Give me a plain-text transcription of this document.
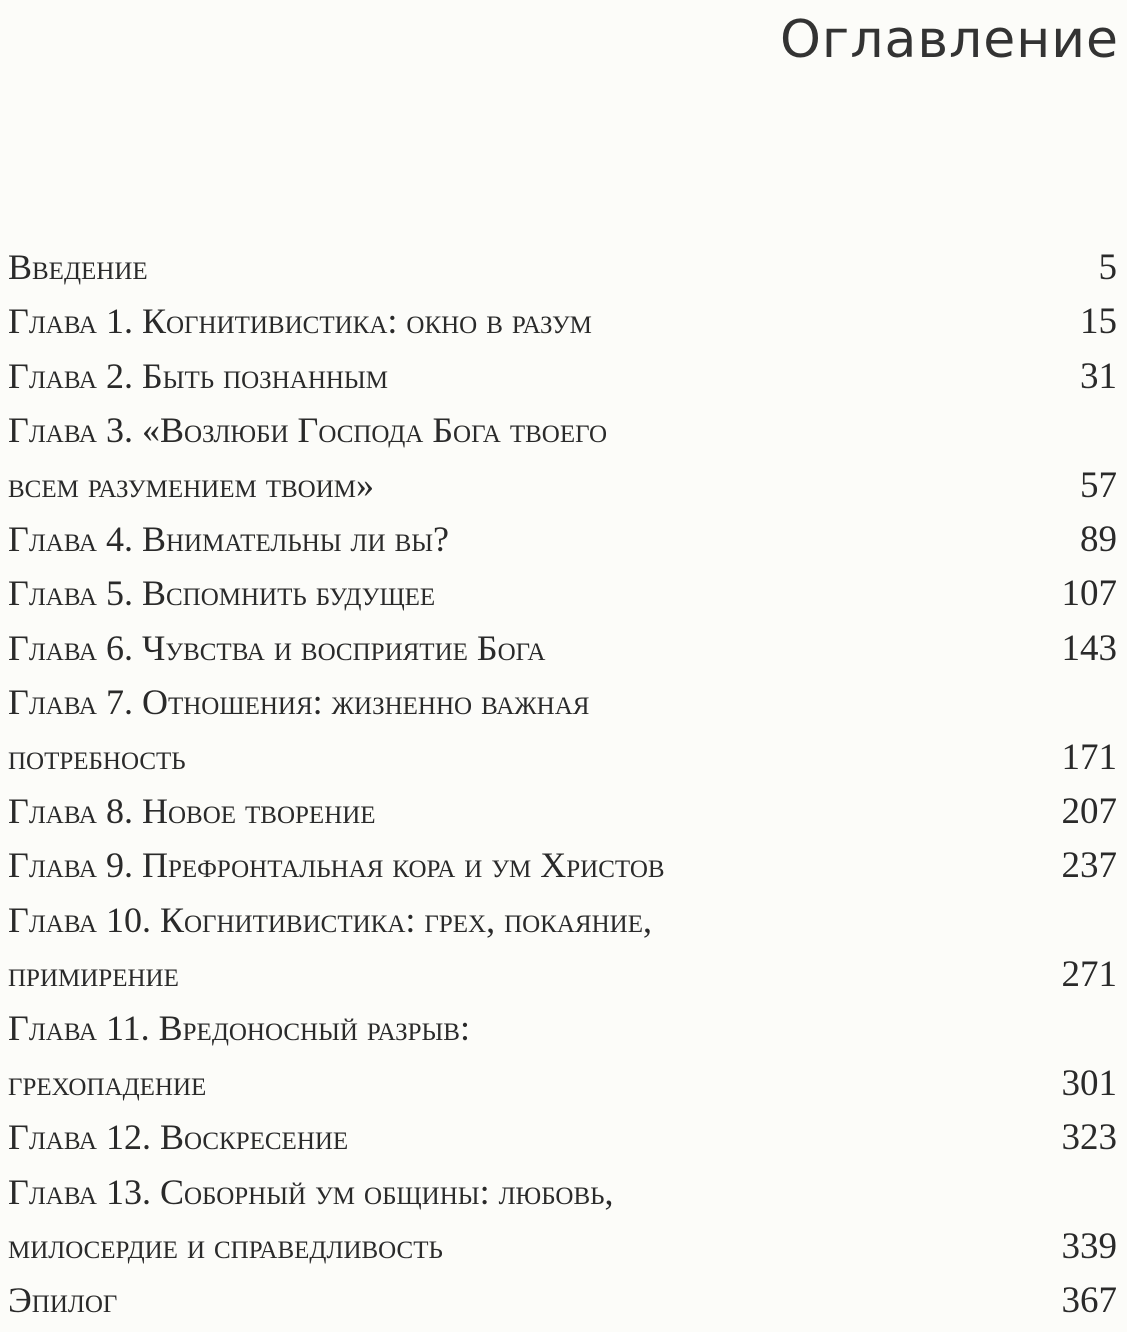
Оглавление
Введение	5
Глава 1. Когнитивистика: окно в разум	15
Глава 2. Быть познанным	31
Глава 3. «Возлюби Господа Бога твоего
всем разумением твоим»	57
Глава 4. Внимательны ли вы?	89
Глава 5. Вспомнить будущее	107
Глава 6. Чувства и восприятие Бога	143
Глава 7. Отношения: жизненно важная
потребность	171
Глава 8. Новое творение	207
Глава 9. Префронтальная кора и ум Христов	237
Глава 10. Когнитивистика: грех, покаяние,
примирение	271
Глава 11. Вредоносный разрыв:
грехопадение	301
Глава 12. Воскресение	323
Глава 13. Соборный ум общины: любовь,
милосердие и справедливость	339
Эпилог	367
